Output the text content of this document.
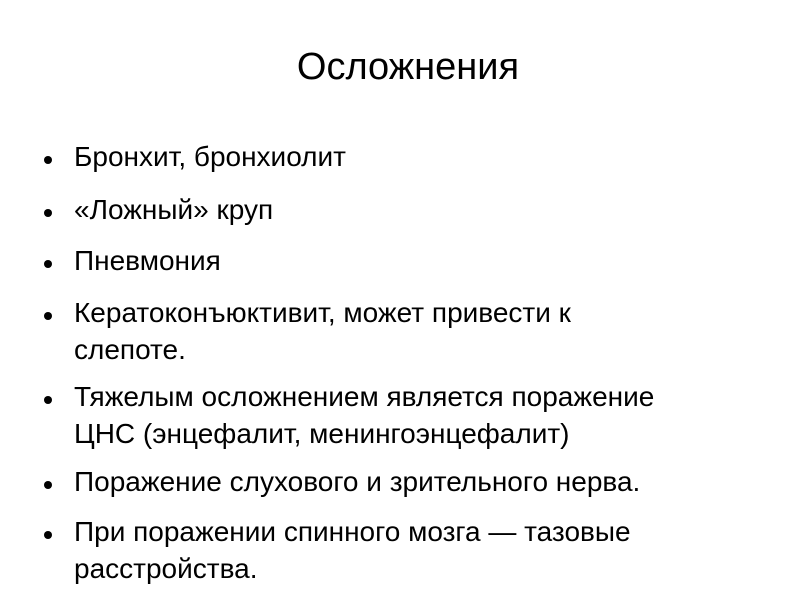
Осложнения
Бронхит, бронхиолит
«Ложный» круп
Пневмония
Кератоконъюктивит, может привести к
слепоте.
Тяжелым осложнением является поражение
ЦНС (энцефалит, менингоэнцефалит)
Поражение слухового и зрительного нерва.
При поражении спинного мозга — тазовые
расстройства.
